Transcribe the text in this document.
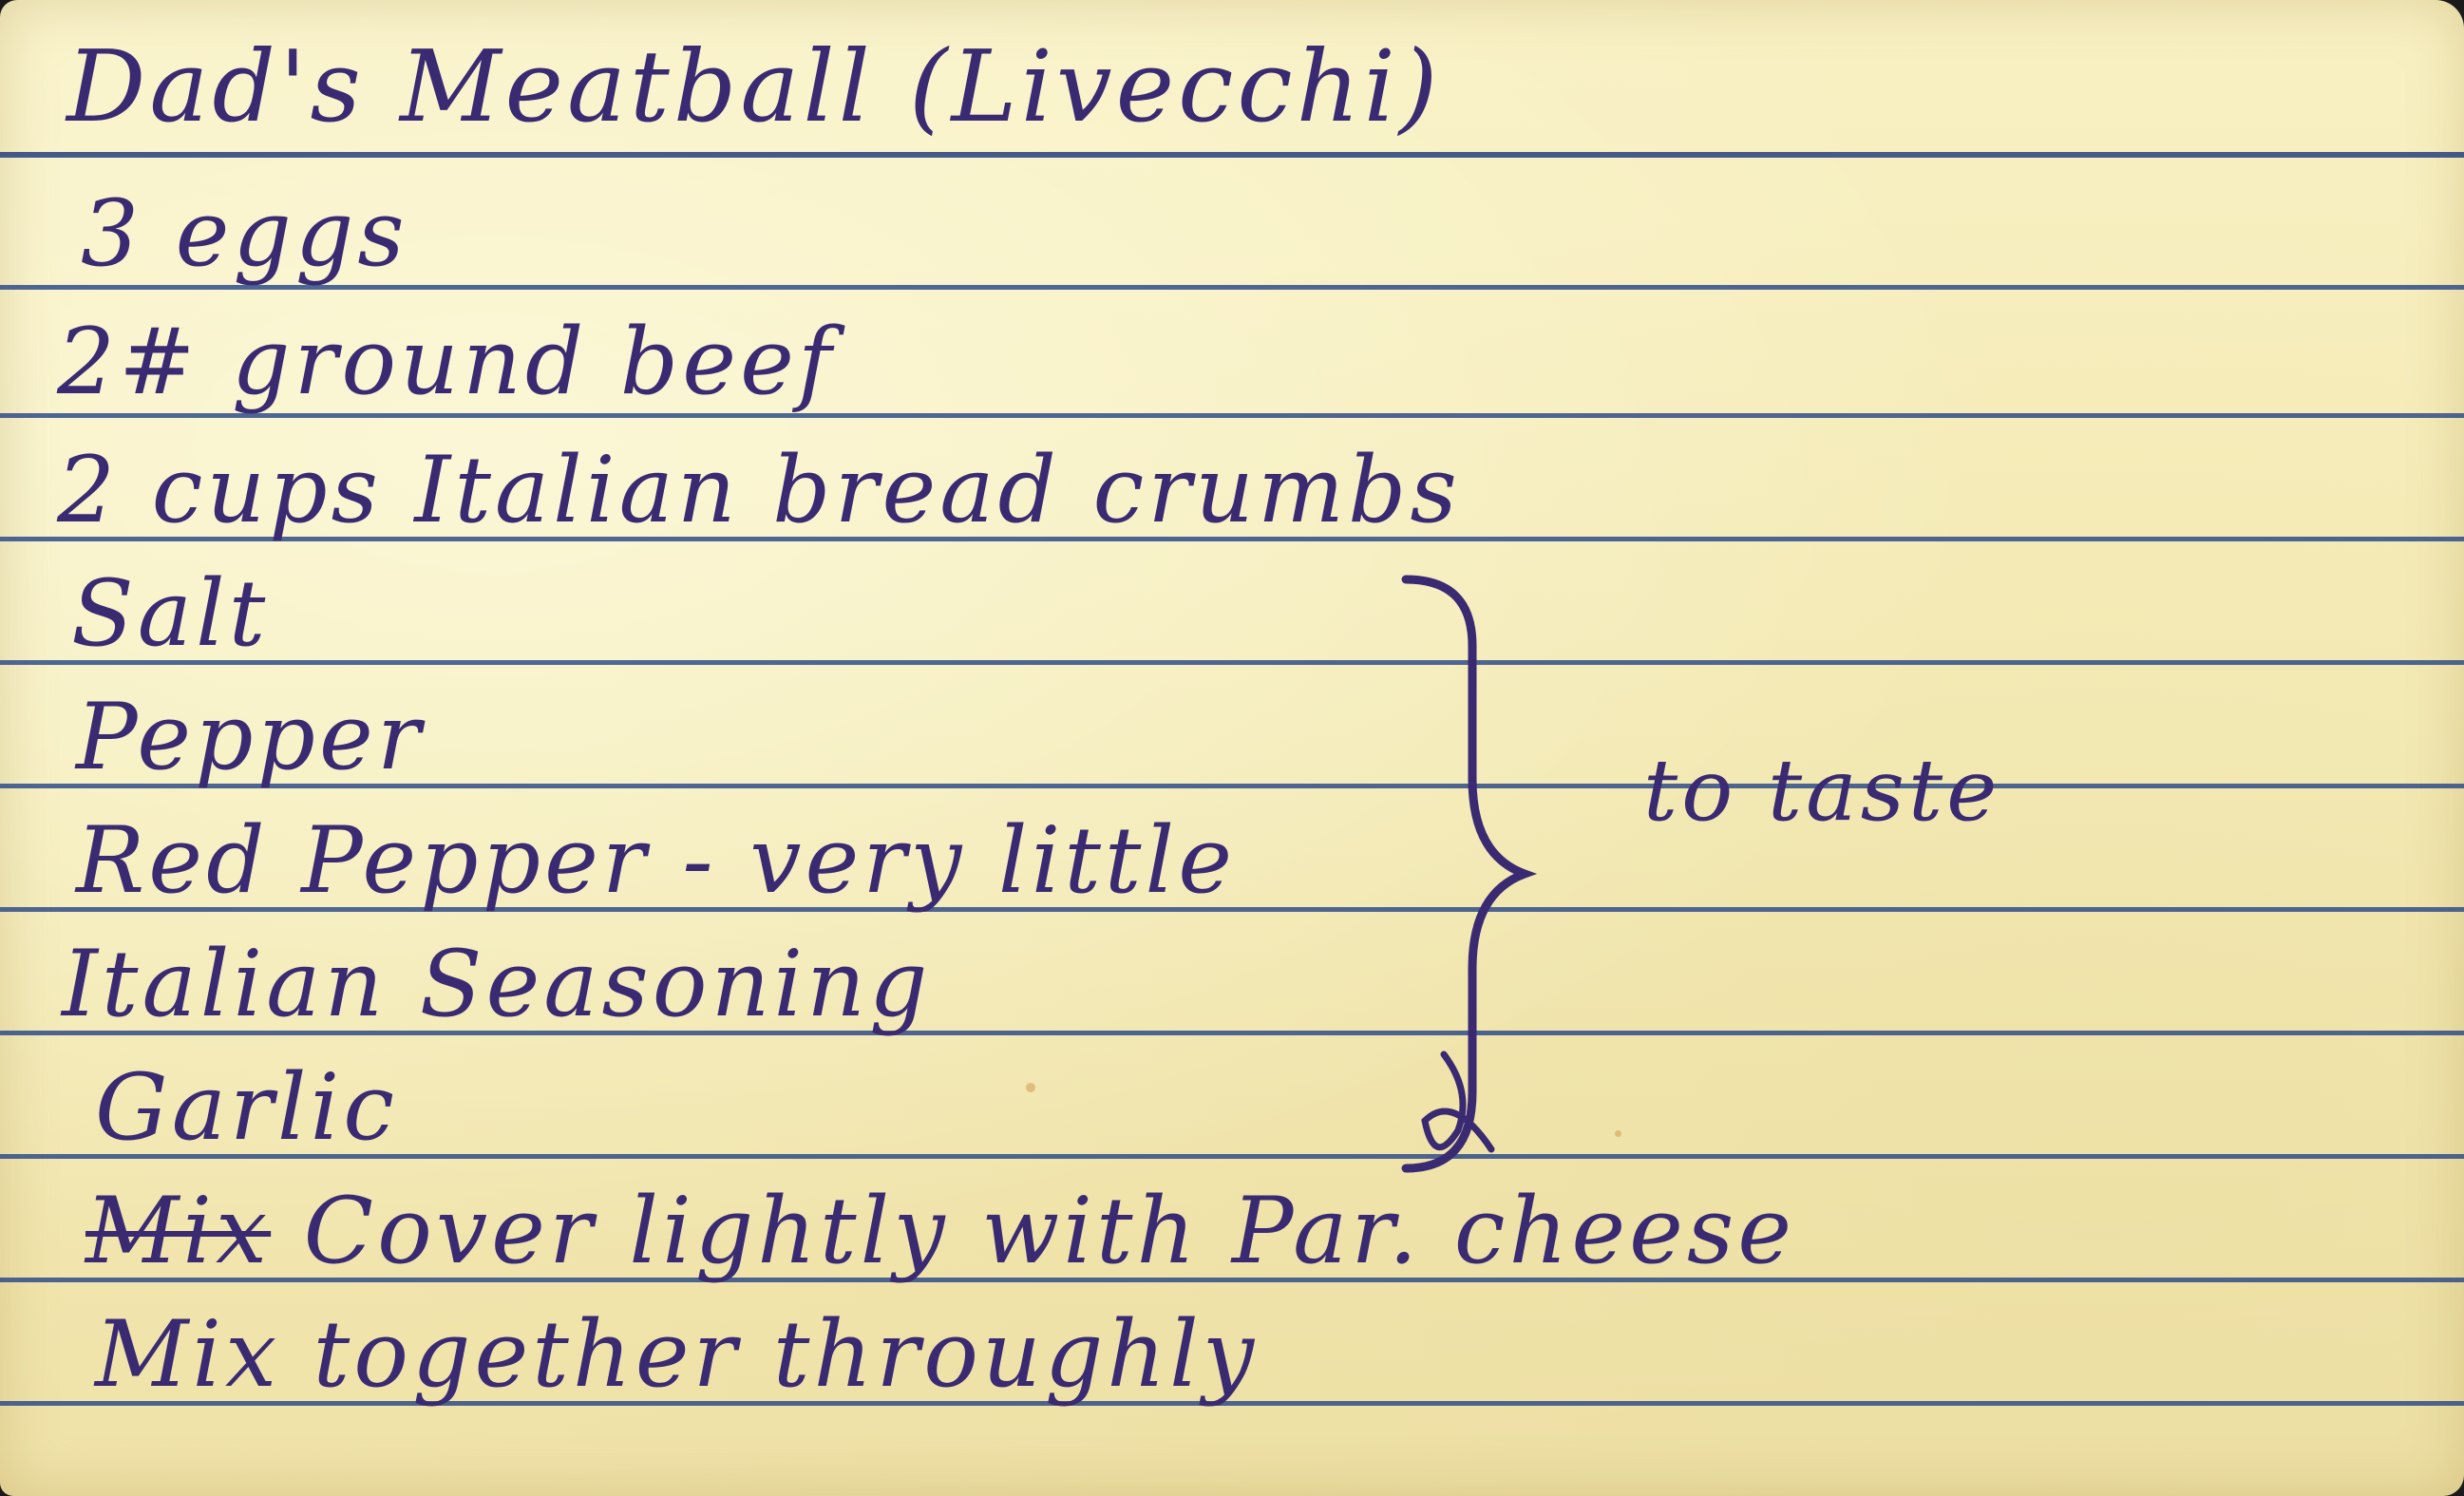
Dad's Meatball (Livecchi)
3 eggs
2# ground beef
2 cups Italian bread crumbs
Salt
Pepper
Red Pepper - very little
Italian Seasoning
Garlic
to taste
Mix Cover lightly with Par. cheese
Mix together throughly
